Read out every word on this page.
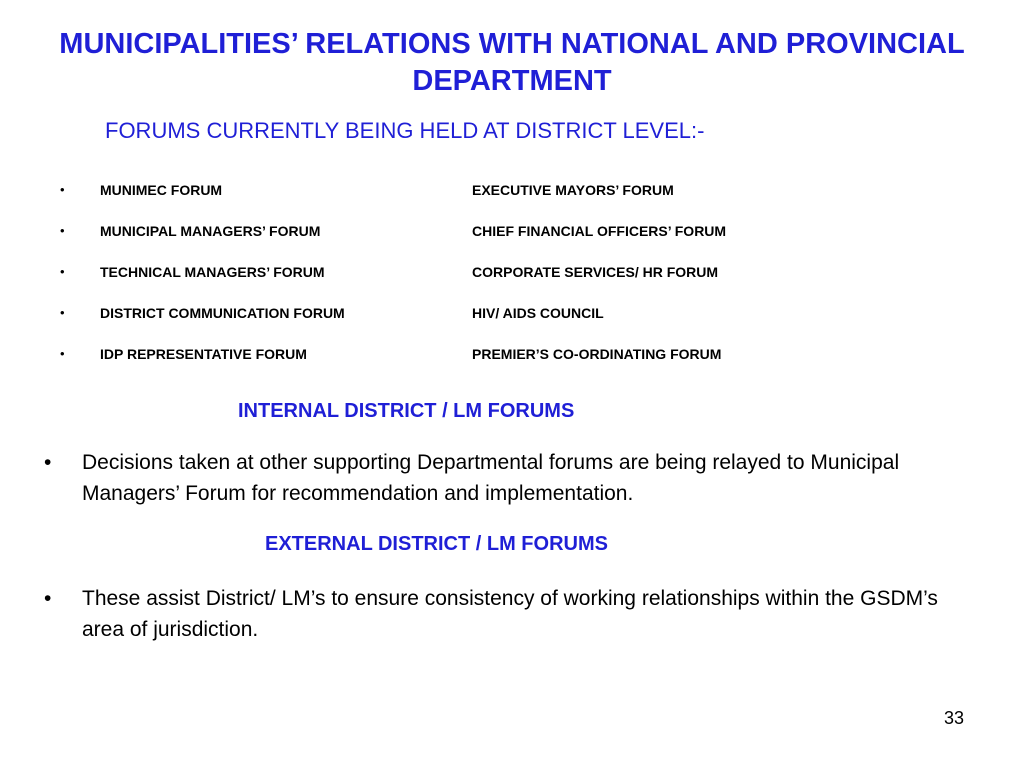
MUNICIPALITIES’ RELATIONS WITH NATIONAL AND PROVINCIAL DEPARTMENT
FORUMS CURRENTLY BEING HELD AT DISTRICT LEVEL:-
•	MUNIMEC FORUM	EXECUTIVE MAYORS’ FORUM
•	MUNICIPAL MANAGERS’ FORUM	CHIEF FINANCIAL OFFICERS’ FORUM
•	TECHNICAL MANAGERS’ FORUM	CORPORATE SERVICES/ HR FORUM
•	DISTRICT COMMUNICATION FORUM	HIV/ AIDS COUNCIL
•	IDP REPRESENTATIVE FORUM	PREMIER’S CO-ORDINATING FORUM
INTERNAL DISTRICT / LM FORUMS
• Decisions taken at other supporting Departmental forums are being relayed to Municipal Managers’ Forum for recommendation and implementation.
EXTERNAL DISTRICT / LM FORUMS
• These assist District/ LM’s to ensure consistency of working relationships within the GSDM’s area of jurisdiction.
33
